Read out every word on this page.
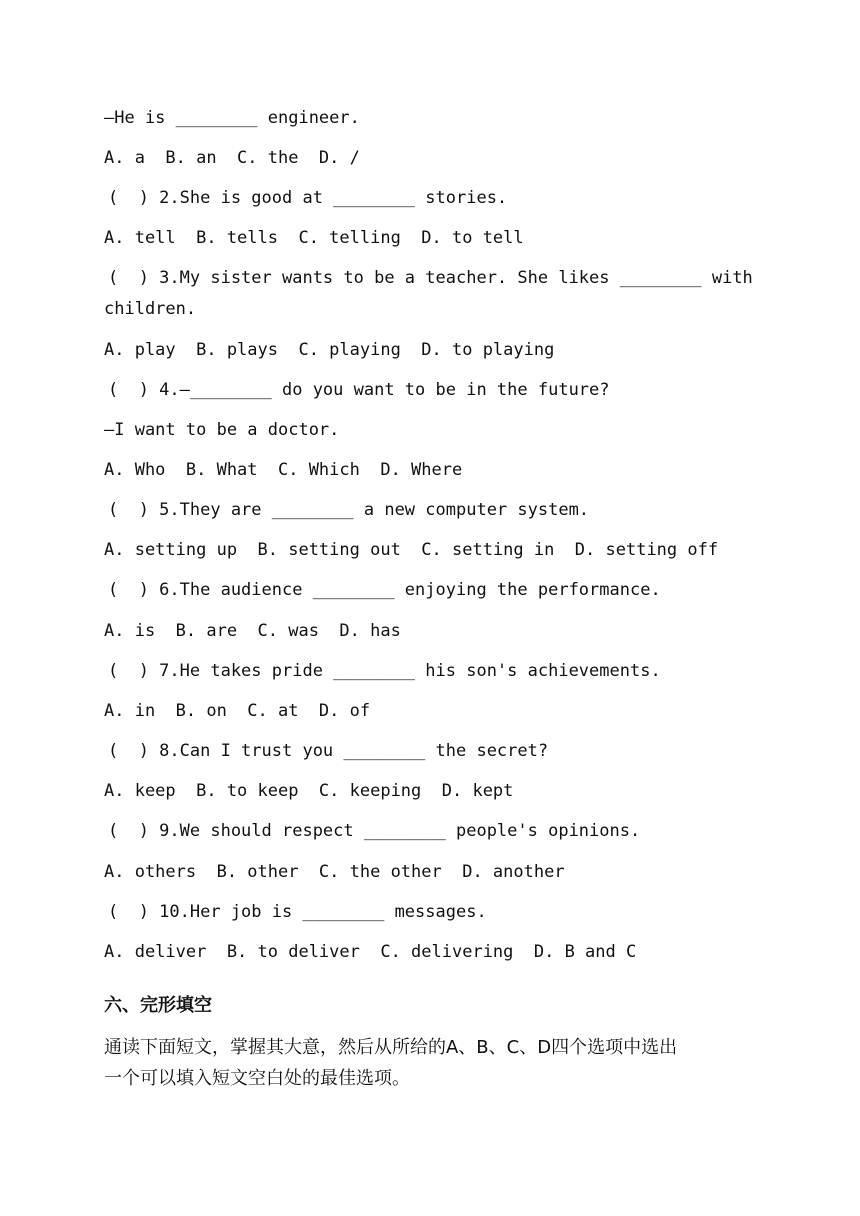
—He is ________ engineer.
A. a  B. an  C. the  D. /
(  ) 2.She is good at ________ stories.
A. tell  B. tells  C. telling  D. to tell
(  ) 3.My sister wants to be a teacher. She likes ________ with
children.
A. play  B. plays  C. playing  D. to playing
(  ) 4.—________ do you want to be in the future?
—I want to be a doctor.
A. Who  B. What  C. Which  D. Where
(  ) 5.They are ________ a new computer system.
A. setting up  B. setting out  C. setting in  D. setting off
(  ) 6.The audience ________ enjoying the performance.
A. is  B. are  C. was  D. has
(  ) 7.He takes pride ________ his son's achievements.
A. in  B. on  C. at  D. of
(  ) 8.Can I trust you ________ the secret?
A. keep  B. to keep  C. keeping  D. kept
(  ) 9.We should respect ________ people's opinions.
A. others  B. other  C. the other  D. another
(  ) 10.Her job is ________ messages.
A. deliver  B. to deliver  C. delivering  D. B and C
六、完形填空
通读下面短文，掌握其大意，然后从所给的A、B、C、D四个选项中选出
一个可以填入短文空白处的最佳选项。
